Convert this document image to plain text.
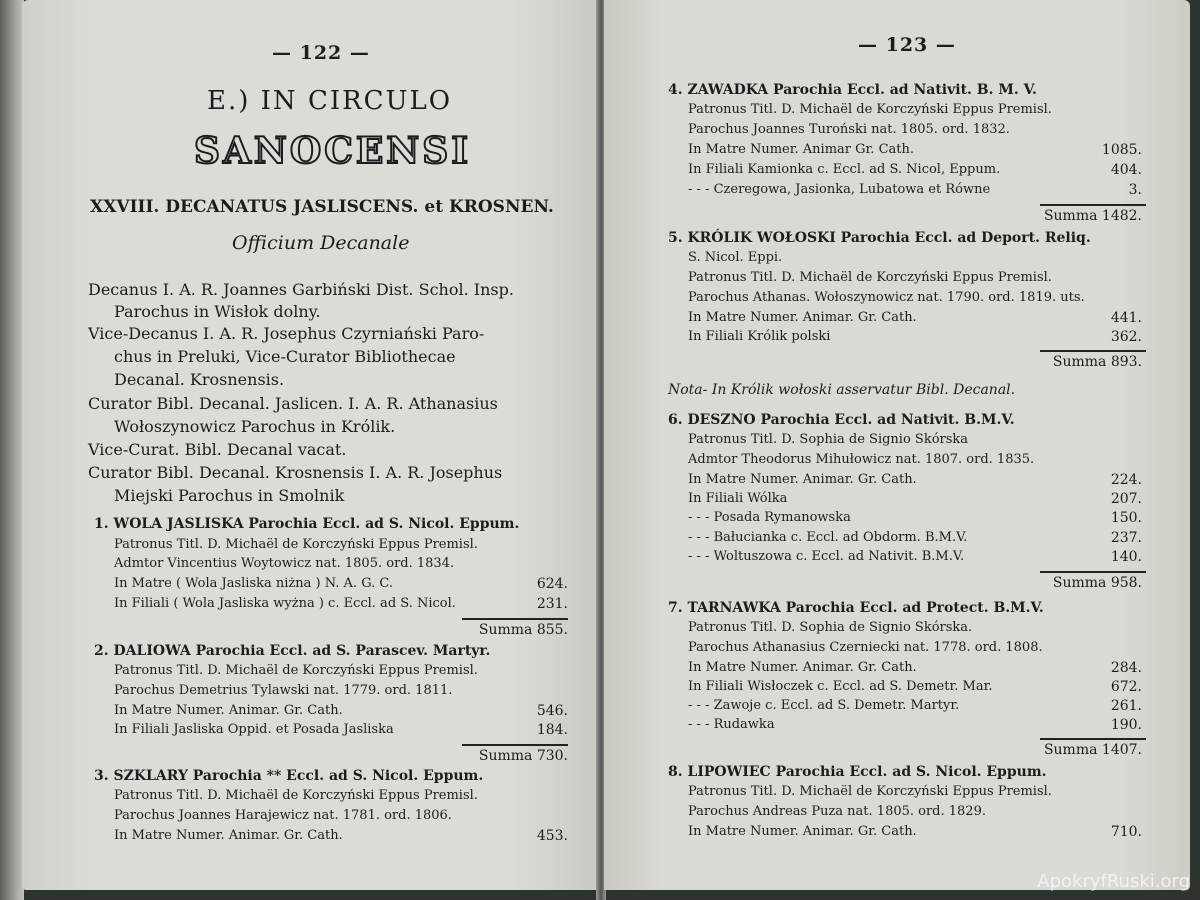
— 122 —
E.) IN CIRCULO
SANOCENSI
XXVIII. DECANATUS JASLISCENS. et KROSNEN.
Officium Decanale
Decanus I. A. R. Joannes Garbiński Dist. Schol. Insp.
Parochus in Wisłok dolny.
Vice-Decanus I. A. R. Josephus Czyrniański Paro-
chus in Preluki, Vice-Curator Bibliothecae
Decanal. Krosnensis.
Curator Bibl. Decanal. Jaslicen. I. A. R. Athanasius
Wołoszynowicz Parochus in Królik.
Vice-Curat. Bibl. Decanal vacat.
Curator Bibl. Decanal. Krosnensis I. A. R. Josephus
Miejski Parochus in Smolnik
1. WOLA JASLISKA Parochia Eccl. ad S. Nicol. Eppum.
Patronus Titl. D. Michaël de Korczyński Eppus Premisl.
Admtor Vincentius Woytowicz nat. 1805. ord. 1834.
In Matre ( Wola Jasliska niżna ) N. A. G. C.	624.
In Filiali ( Wola Jasliska wyżna ) c. Eccl. ad S. Nicol.	231.
Summa 855.
2. DALIOWA Parochia Eccl. ad S. Parascev. Martyr.
Patronus Titl. D. Michaël de Korczyński Eppus Premisl.
Parochus Demetrius Tylawski nat. 1779. ord. 1811.
In Matre Numer. Animar. Gr. Cath.	546.
In Filiali Jasliska Oppid. et Posada Jasliska	184.
Summa 730.
3. SZKLARY Parochia ** Eccl. ad S. Nicol. Eppum.
Patronus Titl. D. Michaël de Korczyński Eppus Premisl.
Parochus Joannes Harajewicz nat. 1781. ord. 1806.
In Matre Numer. Animar. Gr. Cath.	453.
— 123 —
4. ZAWADKA Parochia Eccl. ad Nativit. B. M. V.
Patronus Titl. D. Michaël de Korczyński Eppus Premisl.
Parochus Joannes Turoński nat. 1805. ord. 1832.
In Matre Numer. Animar Gr. Cath.	1085.
In Filiali Kamionka c. Eccl. ad S. Nicol, Eppum.	404.
- - - Czeregowa, Jasionka, Lubatowa et Równe	3.
Summa 1482.
5. KRÓLIK WOŁOSKI Parochia Eccl. ad Deport. Reliq.
S. Nicol. Eppi.
Patronus Titl. D. Michaël de Korczyński Eppus Premisl.
Parochus Athanas. Wołoszynowicz nat. 1790. ord. 1819. uts.
In Matre Numer. Animar. Gr. Cath.	441.
In Filiali Królik polski	362.
Summa 893.
Nota- In Królik wołoski asservatur Bibl. Decanal.
6. DESZNO Parochia Eccl. ad Nativit. B.M.V.
Patronus Titl. D. Sophia de Signio Skórska
Admtor Theodorus Mihułowicz nat. 1807. ord. 1835.
In Matre Numer. Animar. Gr. Cath.	224.
In Filiali Wólka	207.
- - - Posada Rymanowska	150.
- - - Bałucianka c. Eccl. ad Obdorm. B.M.V.	237.
- - - Woltuszowa c. Eccl. ad Nativit. B.M.V.	140.
Summa 958.
7. TARNAWKA Parochia Eccl. ad Protect. B.M.V.
Patronus Titl. D. Sophia de Signio Skórska.
Parochus Athanasius Czerniecki nat. 1778. ord. 1808.
In Matre Numer. Animar. Gr. Cath.	284.
In Filiali Wisłoczek c. Eccl. ad S. Demetr. Mar.	672.
- - - Zawoje c. Eccl. ad S. Demetr. Martyr.	261.
- - - Rudawka	190.
Summa 1407.
8. LIPOWIEC Parochia Eccl. ad S. Nicol. Eppum.
Patronus Titl. D. Michaël de Korczyński Eppus Premisl.
Parochus Andreas Puza nat. 1805. ord. 1829.
In Matre Numer. Animar. Gr. Cath.	710.
ApokryfRuski.org
